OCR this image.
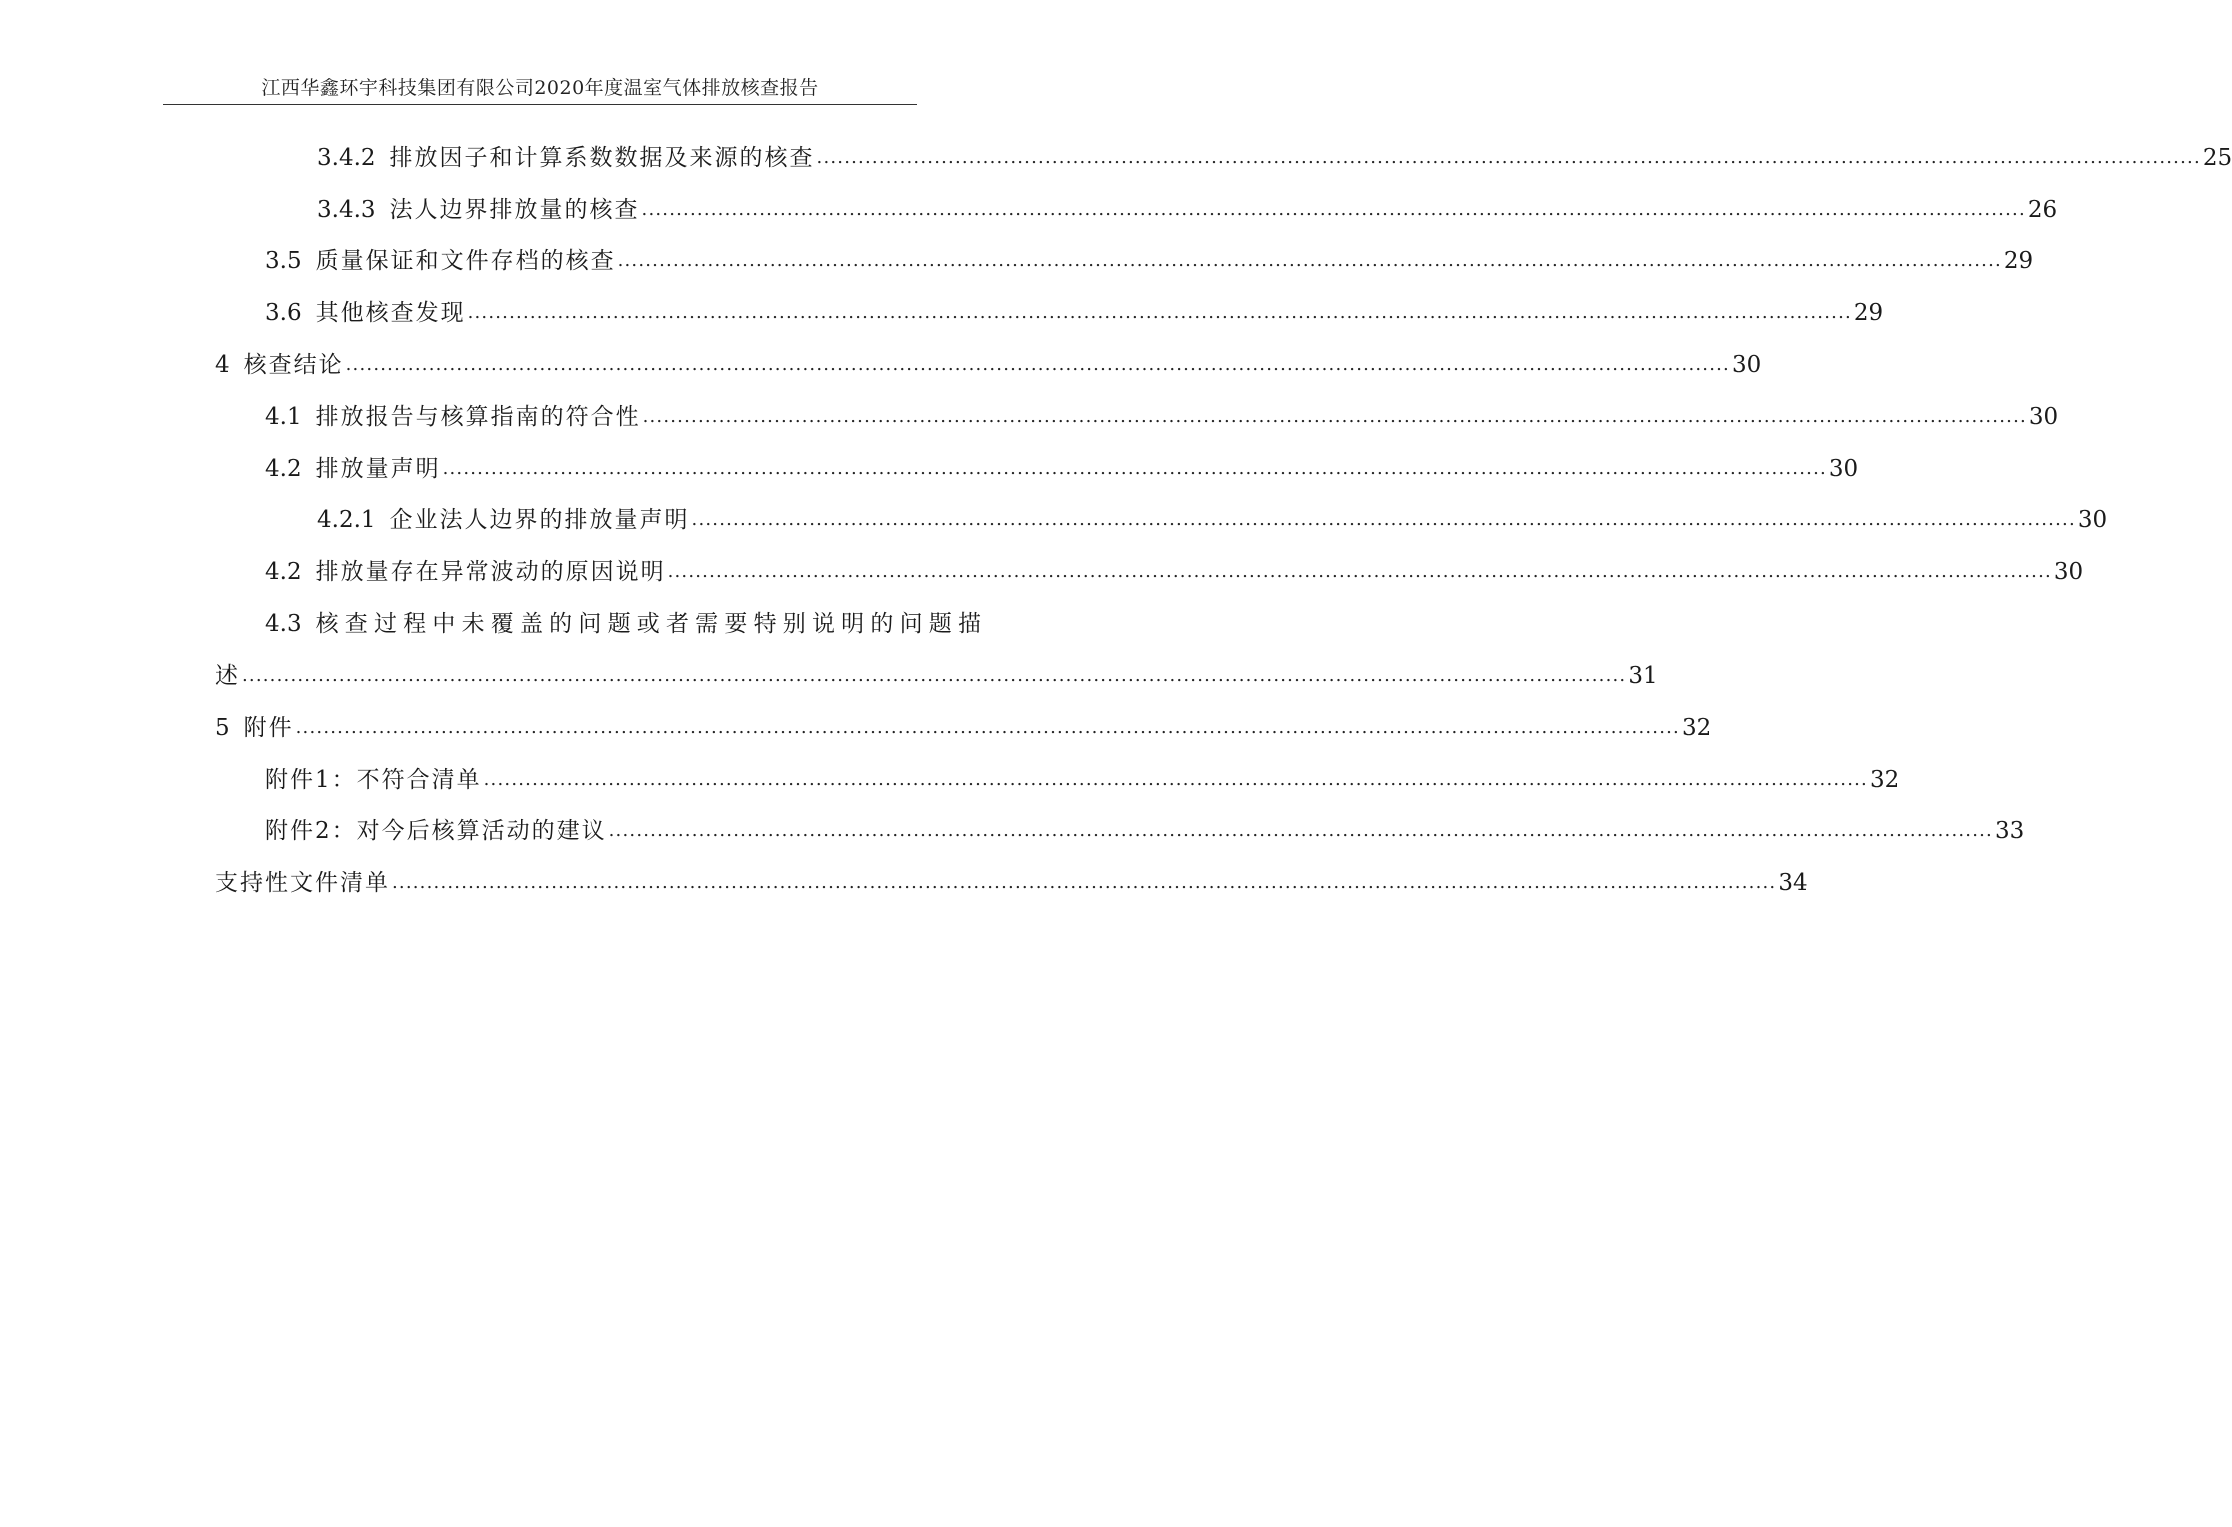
江西华鑫环宇科技集团有限公司2020年度温室气体排放核查报告
3.4.2 排放因子和计算系数数据及来源的核查 ........................................................................................................................................................................................................ 25
3.4.3 法人边界排放量的核查 ........................................................................................................................................................................................................ 26
3.5 质量保证和文件存档的核查 ........................................................................................................................................................................................................ 29
3.6 其他核查发现 ........................................................................................................................................................................................................ 29
4 核查结论 ........................................................................................................................................................................................................ 30
4.1 排放报告与核算指南的符合性 ........................................................................................................................................................................................................ 30
4.2 排放量声明 ........................................................................................................................................................................................................ 30
4.2.1 企业法人边界的排放量声明 ........................................................................................................................................................................................................ 30
4.2 排放量存在异常波动的原因说明 ........................................................................................................................................................................................................ 30
4.3 核查过程中未覆盖的问题或者需要特别说明的问题描
述 ........................................................................................................................................................................................................ 31
5 附件 ........................................................................................................................................................................................................ 32
附件1：不符合清单 ........................................................................................................................................................................................................ 32
附件2：对今后核算活动的建议 ........................................................................................................................................................................................................ 33
支持性文件清单 ........................................................................................................................................................................................................ 34
